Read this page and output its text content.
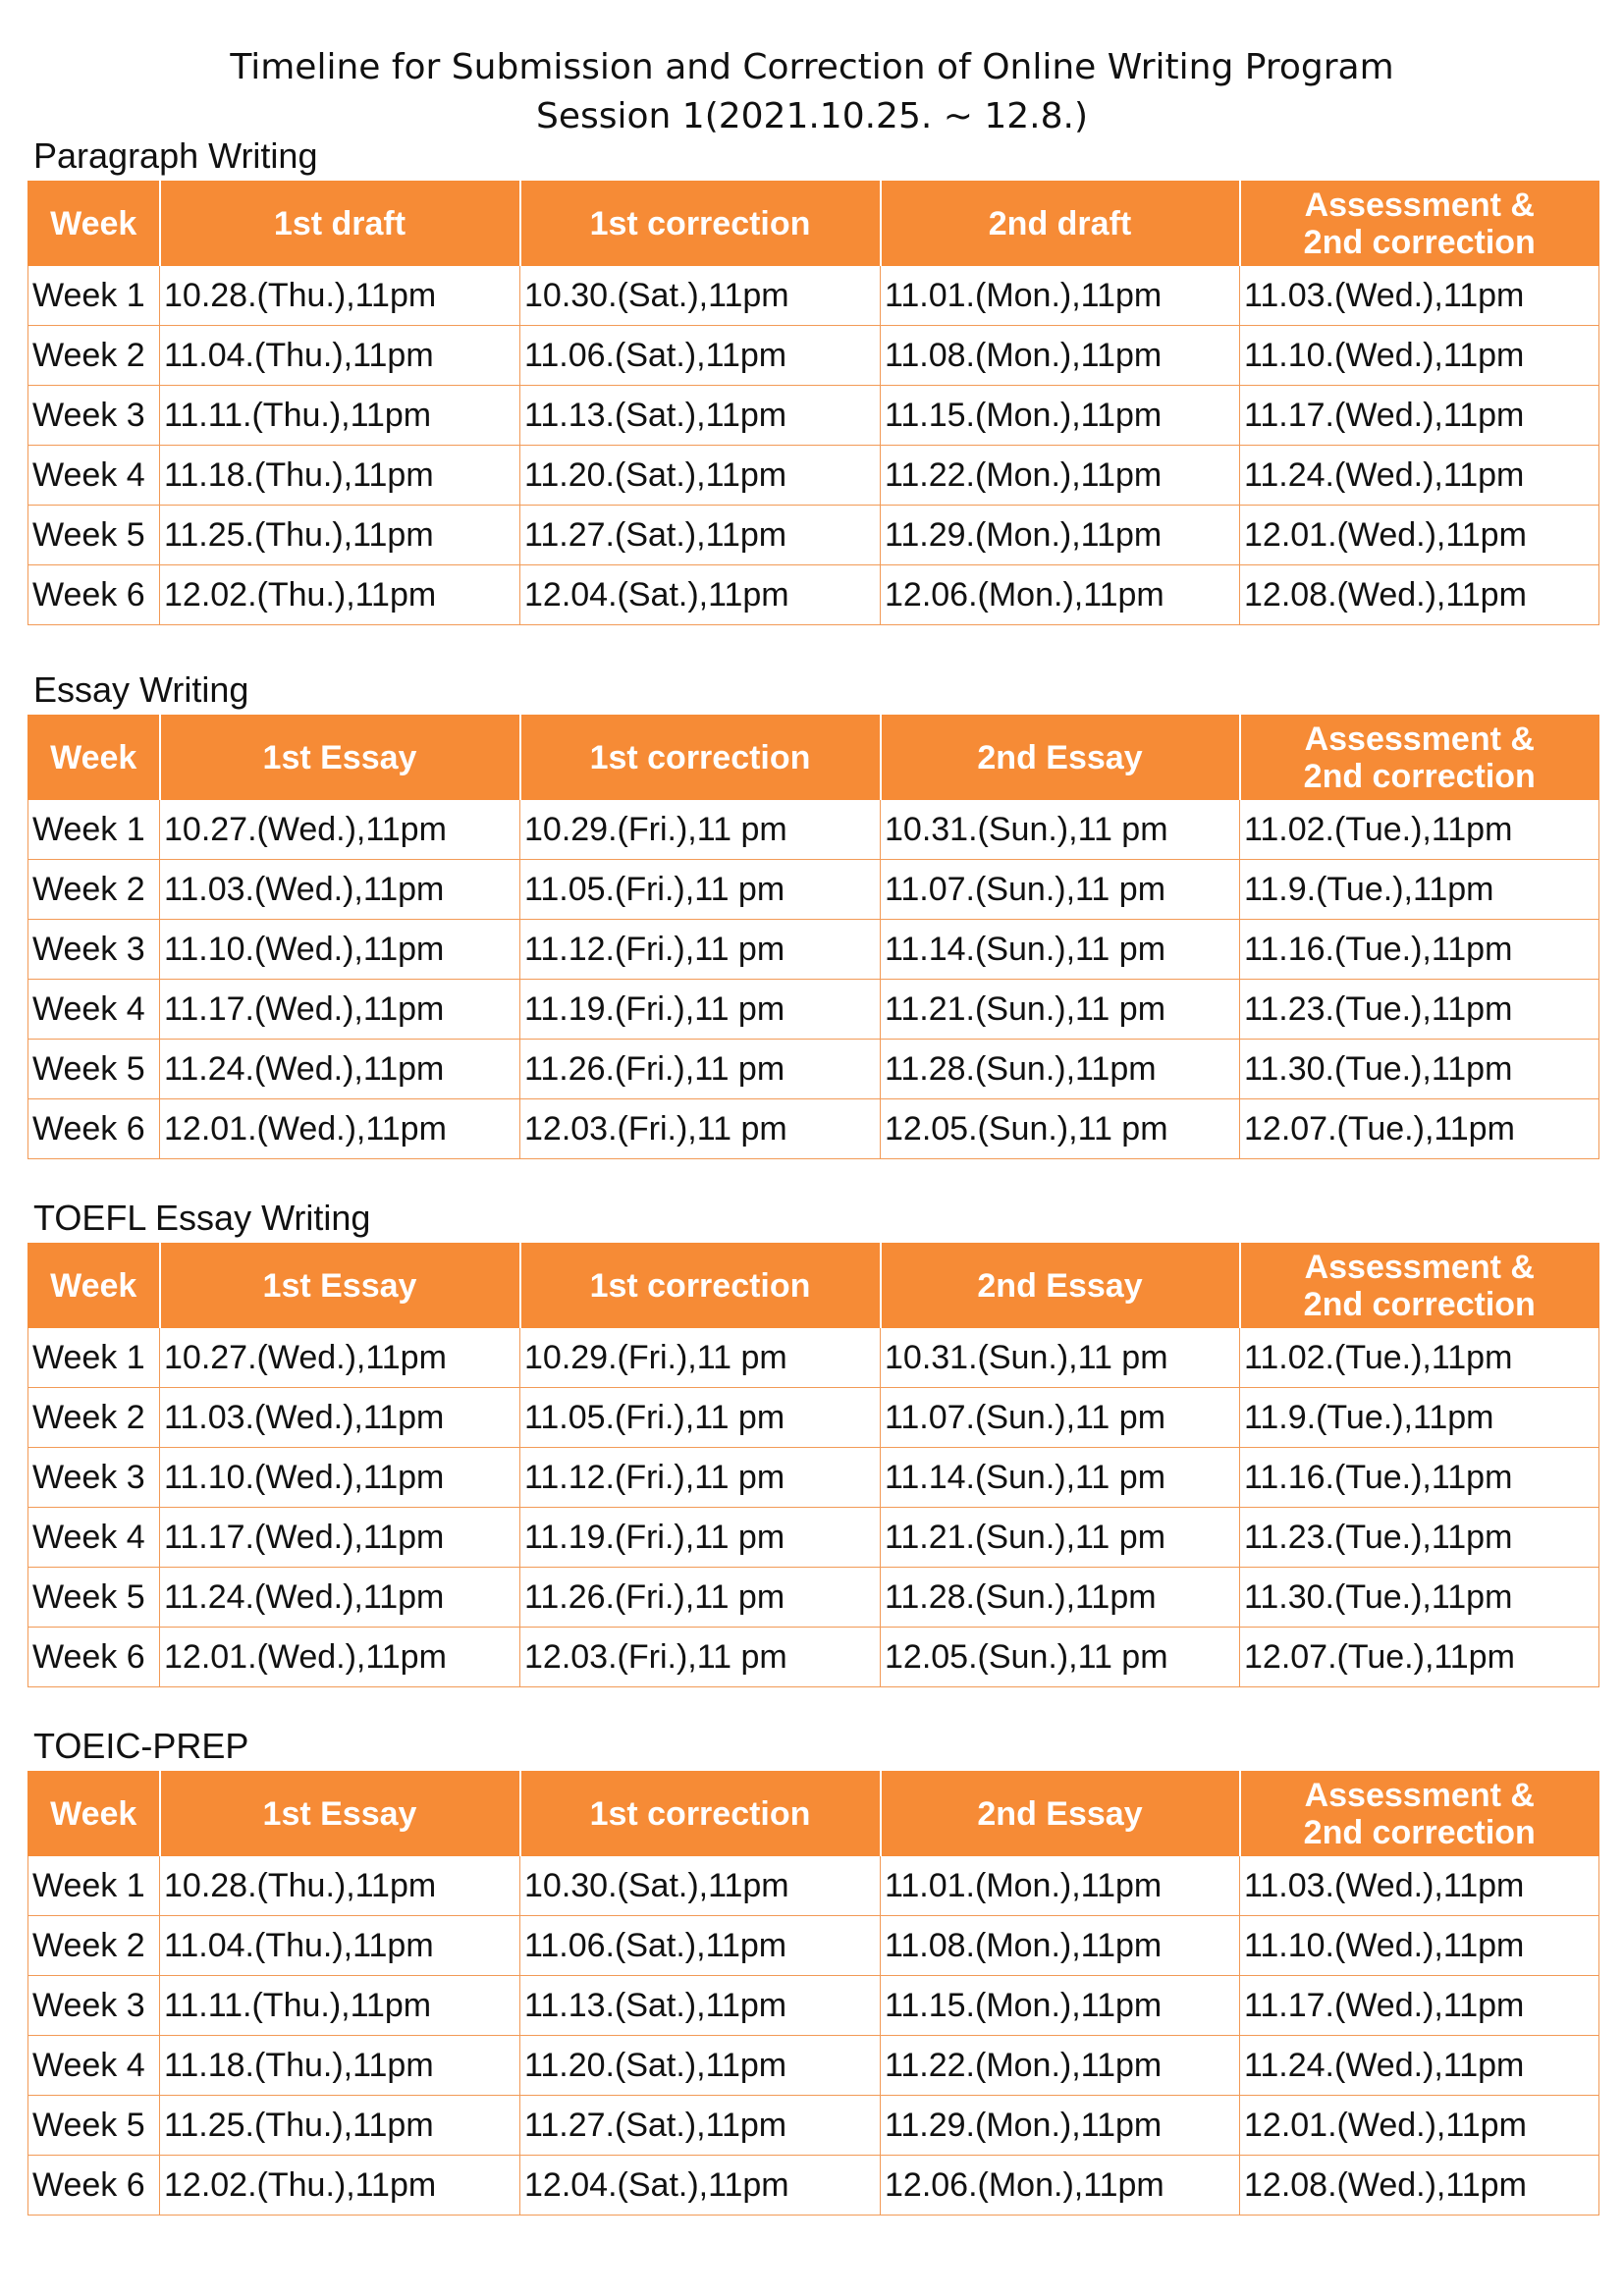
Timeline for Submission and Correction of Online Writing Program
Session 1(2021.10.25. ~ 12.8.)
Paragraph Writing
Week	1st draft	1st correction	2nd draft	Assessment &
2nd correction
Week 1	10.28.(Thu.),11pm	10.30.(Sat.),11pm	11.01.(Mon.),11pm	11.03.(Wed.),11pm
Week 2	11.04.(Thu.),11pm	11.06.(Sat.),11pm	11.08.(Mon.),11pm	11.10.(Wed.),11pm
Week 3	11.11.(Thu.),11pm	11.13.(Sat.),11pm	11.15.(Mon.),11pm	11.17.(Wed.),11pm
Week 4	11.18.(Thu.),11pm	11.20.(Sat.),11pm	11.22.(Mon.),11pm	11.24.(Wed.),11pm
Week 5	11.25.(Thu.),11pm	11.27.(Sat.),11pm	11.29.(Mon.),11pm	12.01.(Wed.),11pm
Week 6	12.02.(Thu.),11pm	12.04.(Sat.),11pm	12.06.(Mon.),11pm	12.08.(Wed.),11pm
Essay Writing
Week	1st Essay	1st correction	2nd Essay	Assessment &
2nd correction
Week 1	10.27.(Wed.),11pm	10.29.(Fri.),11 pm	10.31.(Sun.),11 pm	11.02.(Tue.),11pm
Week 2	11.03.(Wed.),11pm	11.05.(Fri.),11 pm	11.07.(Sun.),11 pm	11.9.(Tue.),11pm
Week 3	11.10.(Wed.),11pm	11.12.(Fri.),11 pm	11.14.(Sun.),11 pm	11.16.(Tue.),11pm
Week 4	11.17.(Wed.),11pm	11.19.(Fri.),11 pm	11.21.(Sun.),11 pm	11.23.(Tue.),11pm
Week 5	11.24.(Wed.),11pm	11.26.(Fri.),11 pm	11.28.(Sun.),11pm	11.30.(Tue.),11pm
Week 6	12.01.(Wed.),11pm	12.03.(Fri.),11 pm	12.05.(Sun.),11 pm	12.07.(Tue.),11pm
TOEFL Essay Writing
Week	1st Essay	1st correction	2nd Essay	Assessment &
2nd correction
Week 1	10.27.(Wed.),11pm	10.29.(Fri.),11 pm	10.31.(Sun.),11 pm	11.02.(Tue.),11pm
Week 2	11.03.(Wed.),11pm	11.05.(Fri.),11 pm	11.07.(Sun.),11 pm	11.9.(Tue.),11pm
Week 3	11.10.(Wed.),11pm	11.12.(Fri.),11 pm	11.14.(Sun.),11 pm	11.16.(Tue.),11pm
Week 4	11.17.(Wed.),11pm	11.19.(Fri.),11 pm	11.21.(Sun.),11 pm	11.23.(Tue.),11pm
Week 5	11.24.(Wed.),11pm	11.26.(Fri.),11 pm	11.28.(Sun.),11pm	11.30.(Tue.),11pm
Week 6	12.01.(Wed.),11pm	12.03.(Fri.),11 pm	12.05.(Sun.),11 pm	12.07.(Tue.),11pm
TOEIC-PREP
Week	1st Essay	1st correction	2nd Essay	Assessment &
2nd correction
Week 1	10.28.(Thu.),11pm	10.30.(Sat.),11pm	11.01.(Mon.),11pm	11.03.(Wed.),11pm
Week 2	11.04.(Thu.),11pm	11.06.(Sat.),11pm	11.08.(Mon.),11pm	11.10.(Wed.),11pm
Week 3	11.11.(Thu.),11pm	11.13.(Sat.),11pm	11.15.(Mon.),11pm	11.17.(Wed.),11pm
Week 4	11.18.(Thu.),11pm	11.20.(Sat.),11pm	11.22.(Mon.),11pm	11.24.(Wed.),11pm
Week 5	11.25.(Thu.),11pm	11.27.(Sat.),11pm	11.29.(Mon.),11pm	12.01.(Wed.),11pm
Week 6	12.02.(Thu.),11pm	12.04.(Sat.),11pm	12.06.(Mon.),11pm	12.08.(Wed.),11pm
